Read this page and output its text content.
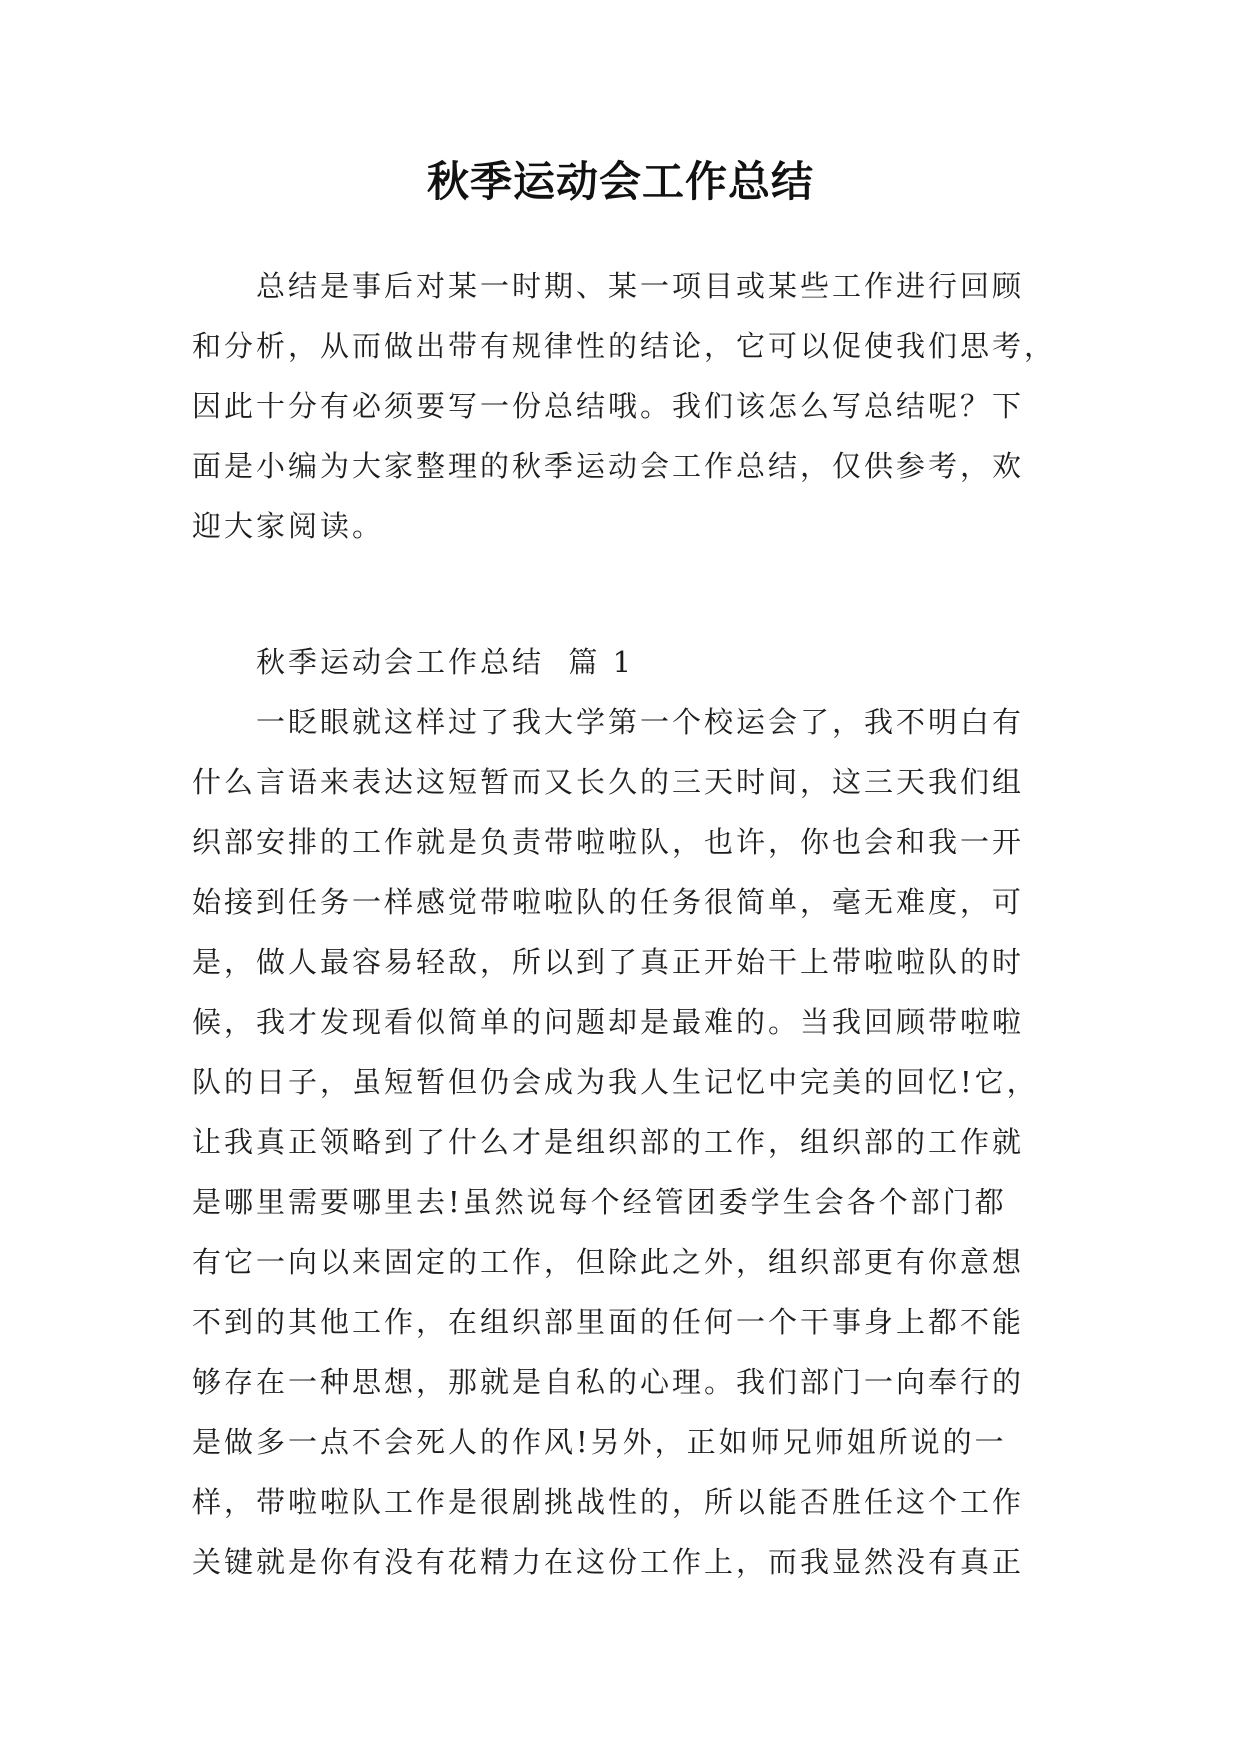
秋季运动会工作总结
总结是事后对某一时期、某一项目或某些工作进行回顾
和分析，从而做出带有规律性的结论，它可以促使我们思考，
因此十分有必须要写一份总结哦。我们该怎么写总结呢？下
面是小编为大家整理的秋季运动会工作总结，仅供参考，欢
迎大家阅读。
秋季运动会工作总结  篇 1
一眨眼就这样过了我大学第一个校运会了，我不明白有
什么言语来表达这短暂而又长久的三天时间，这三天我们组
织部安排的工作就是负责带啦啦队，也许，你也会和我一开
始接到任务一样感觉带啦啦队的任务很简单，毫无难度，可
是，做人最容易轻敌，所以到了真正开始干上带啦啦队的时
候，我才发现看似简单的问题却是最难的。当我回顾带啦啦
队的日子，虽短暂但仍会成为我人生记忆中完美的回忆!它，
让我真正领略到了什么才是组织部的工作，组织部的工作就
是哪里需要哪里去!虽然说每个经管团委学生会各个部门都
有它一向以来固定的工作，但除此之外，组织部更有你意想
不到的其他工作，在组织部里面的任何一个干事身上都不能
够存在一种思想，那就是自私的心理。我们部门一向奉行的
是做多一点不会死人的作风!另外，正如师兄师姐所说的一
样，带啦啦队工作是很剧挑战性的，所以能否胜任这个工作
关键就是你有没有花精力在这份工作上，而我显然没有真正
